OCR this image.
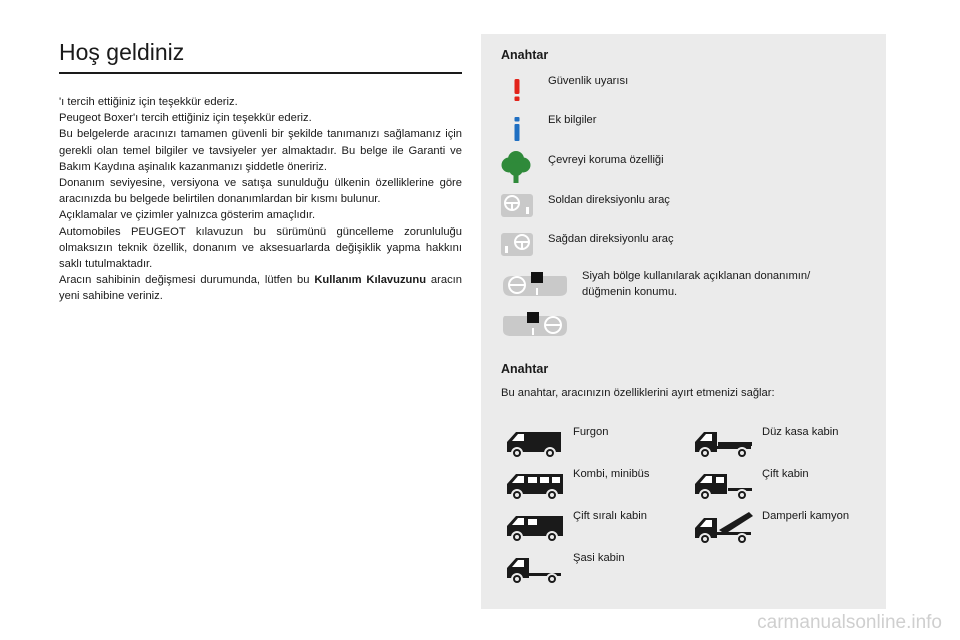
Hoş geldiniz

'ı tercih ettiğiniz için teşekkür ederiz.

Peugeot Boxer'ı tercih ettiğiniz için teşekkür ederiz.

Bu belgelerde aracınızı tamamen güvenli bir şekilde tanımanızı sağlamanız için gerekli olan temel bilgiler ve tavsiyeler yer almaktadır. Bu belge ile Garanti ve Bakım Kaydına aşinalık kazanmanızı şiddetle öneririz.

Donanım seviyesine, versiyona ve satışa sunulduğu ülkenin özelliklerine göre aracınızda bu belgede belirtilen donanımlardan bir kısmı bulunur.

Açıklamalar ve çizimler yalnızca gösterim amaçlıdır.

Automobiles PEUGEOT kılavuzun bu sürümünü güncelleme zorunluluğu olmaksızın teknik özellik, donanım ve aksesuarlarda değişiklik yapma hakkını saklı tutulmaktadır.

Aracın sahibinin değişmesi durumunda, lütfen bu Kullanım Kılavuzunu aracın yeni sahibine veriniz.

Anahtar
Güvenlik uyarısı
Ek bilgiler
Çevreyi koruma özelliği
Soldan direksiyonlu araç
Sağdan direksiyonlu araç
Siyah bölge kullanılarak açıklanan donanımın/ düğmenin konumu.
Anahtar
Bu anahtar, aracınızın özelliklerini ayırt etmenizi sağlar:
Furgon
Kombi, minibüs
Çift sıralı kabin
Şasi kabin
Düz kasa kabin
Çift kabin
Damperli kamyon
carmanualsonline.info
